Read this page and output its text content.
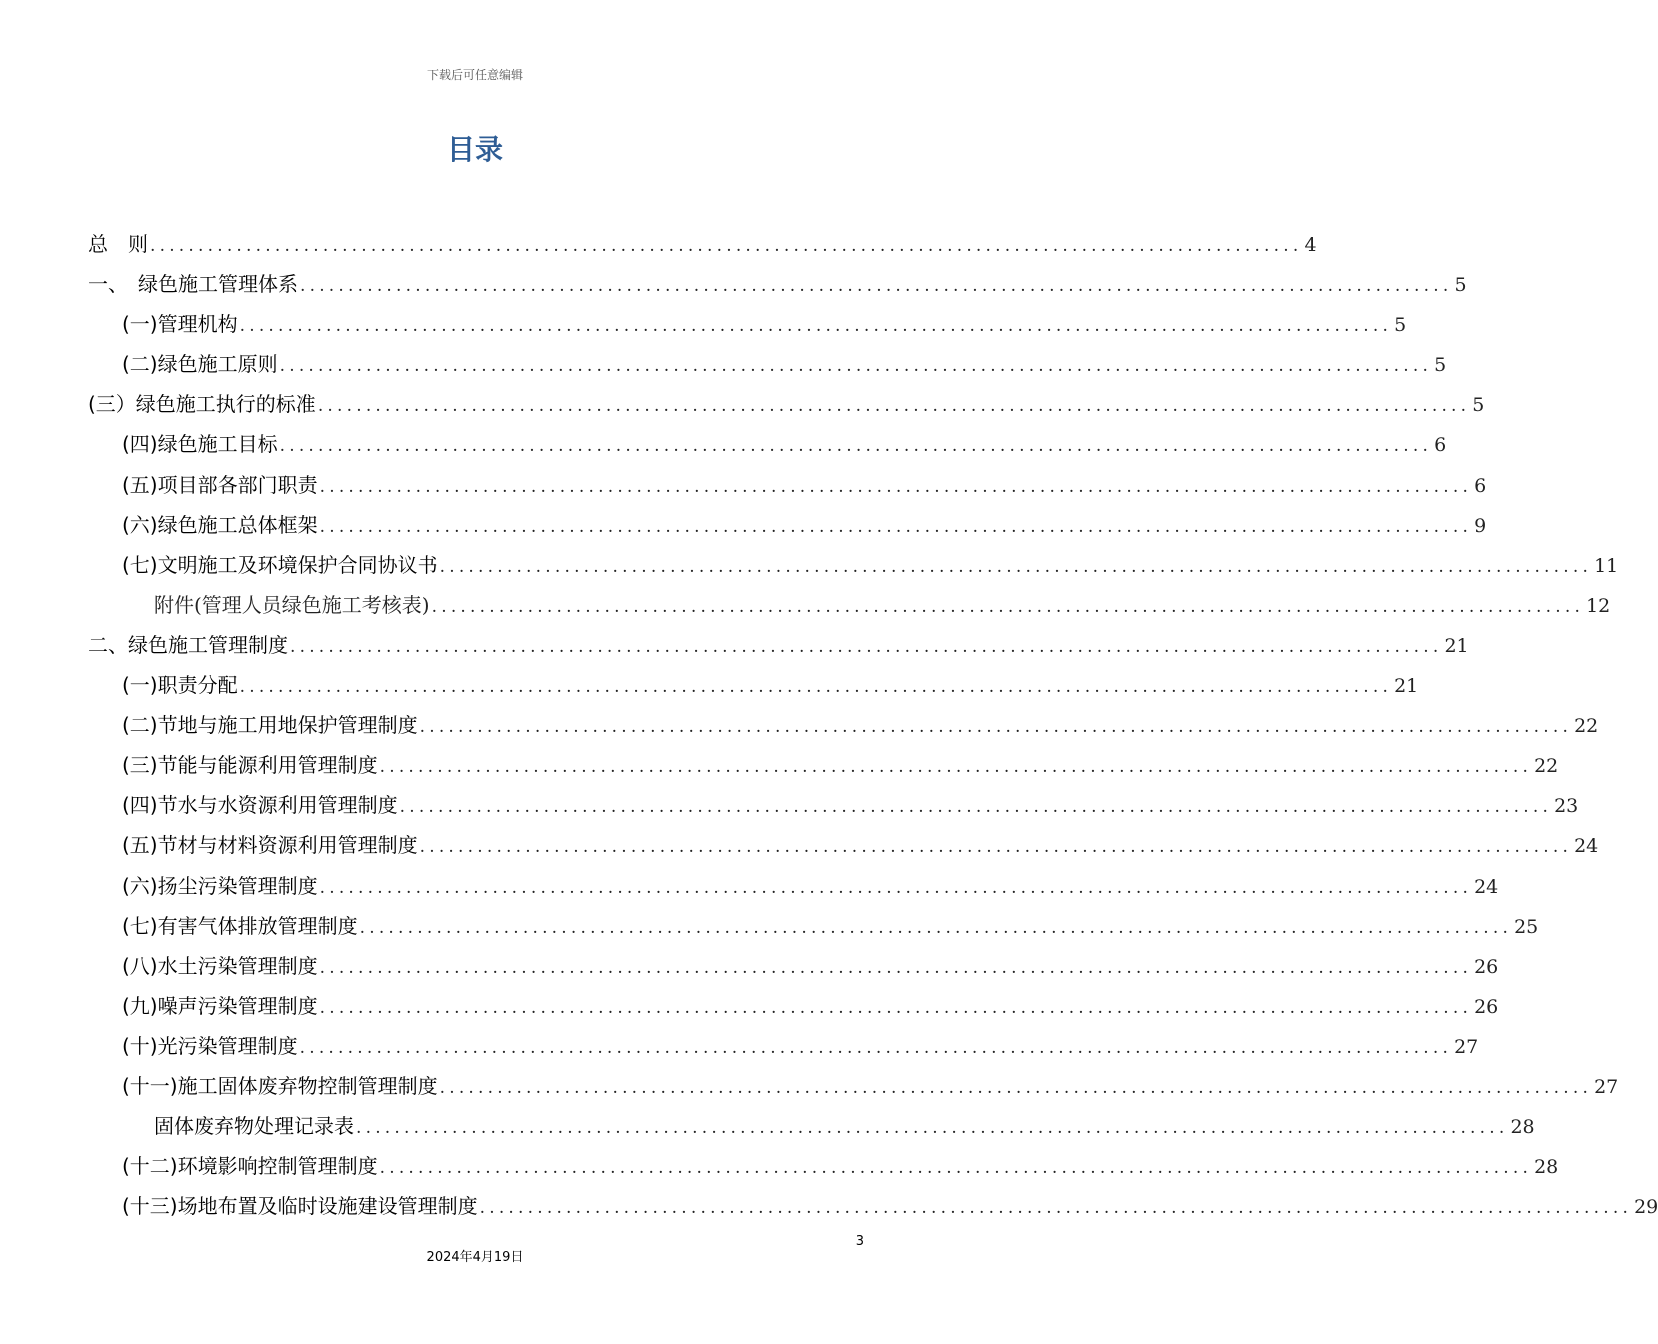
下载后可任意编辑
目录
总　则 ........................................................................................................................ 4
一、　绿色施工管理体系 ........................................................................................................................ 5
(一)管理机构 ........................................................................................................................ 5
(二)绿色施工原则 ........................................................................................................................ 5
(三）绿色施工执行的标准 ........................................................................................................................ 5
(四)绿色施工目标 ........................................................................................................................ 6
(五)项目部各部门职责 ........................................................................................................................ 6
(六)绿色施工总体框架 ........................................................................................................................ 9
(七)文明施工及环境保护合同协议书 ........................................................................................................................ 11
附件(管理人员绿色施工考核表) ........................................................................................................................ 12
二、绿色施工管理制度 ........................................................................................................................ 21
(一)职责分配 ........................................................................................................................ 21
(二)节地与施工用地保护管理制度 ........................................................................................................................ 22
(三)节能与能源利用管理制度 ........................................................................................................................ 22
(四)节水与水资源利用管理制度 ........................................................................................................................ 23
(五)节材与材料资源利用管理制度 ........................................................................................................................ 24
(六)扬尘污染管理制度 ........................................................................................................................ 24
(七)有害气体排放管理制度 ........................................................................................................................ 25
(八)水土污染管理制度 ........................................................................................................................ 26
(九)噪声污染管理制度 ........................................................................................................................ 26
(十)光污染管理制度 ........................................................................................................................ 27
(十一)施工固体废弃物控制管理制度 ........................................................................................................................ 27
固体废弃物处理记录表 ........................................................................................................................ 28
(十二)环境影响控制管理制度 ........................................................................................................................ 28
(十三)场地布置及临时设施建设管理制度 ........................................................................................................................ 29
3
2024年4月19日
